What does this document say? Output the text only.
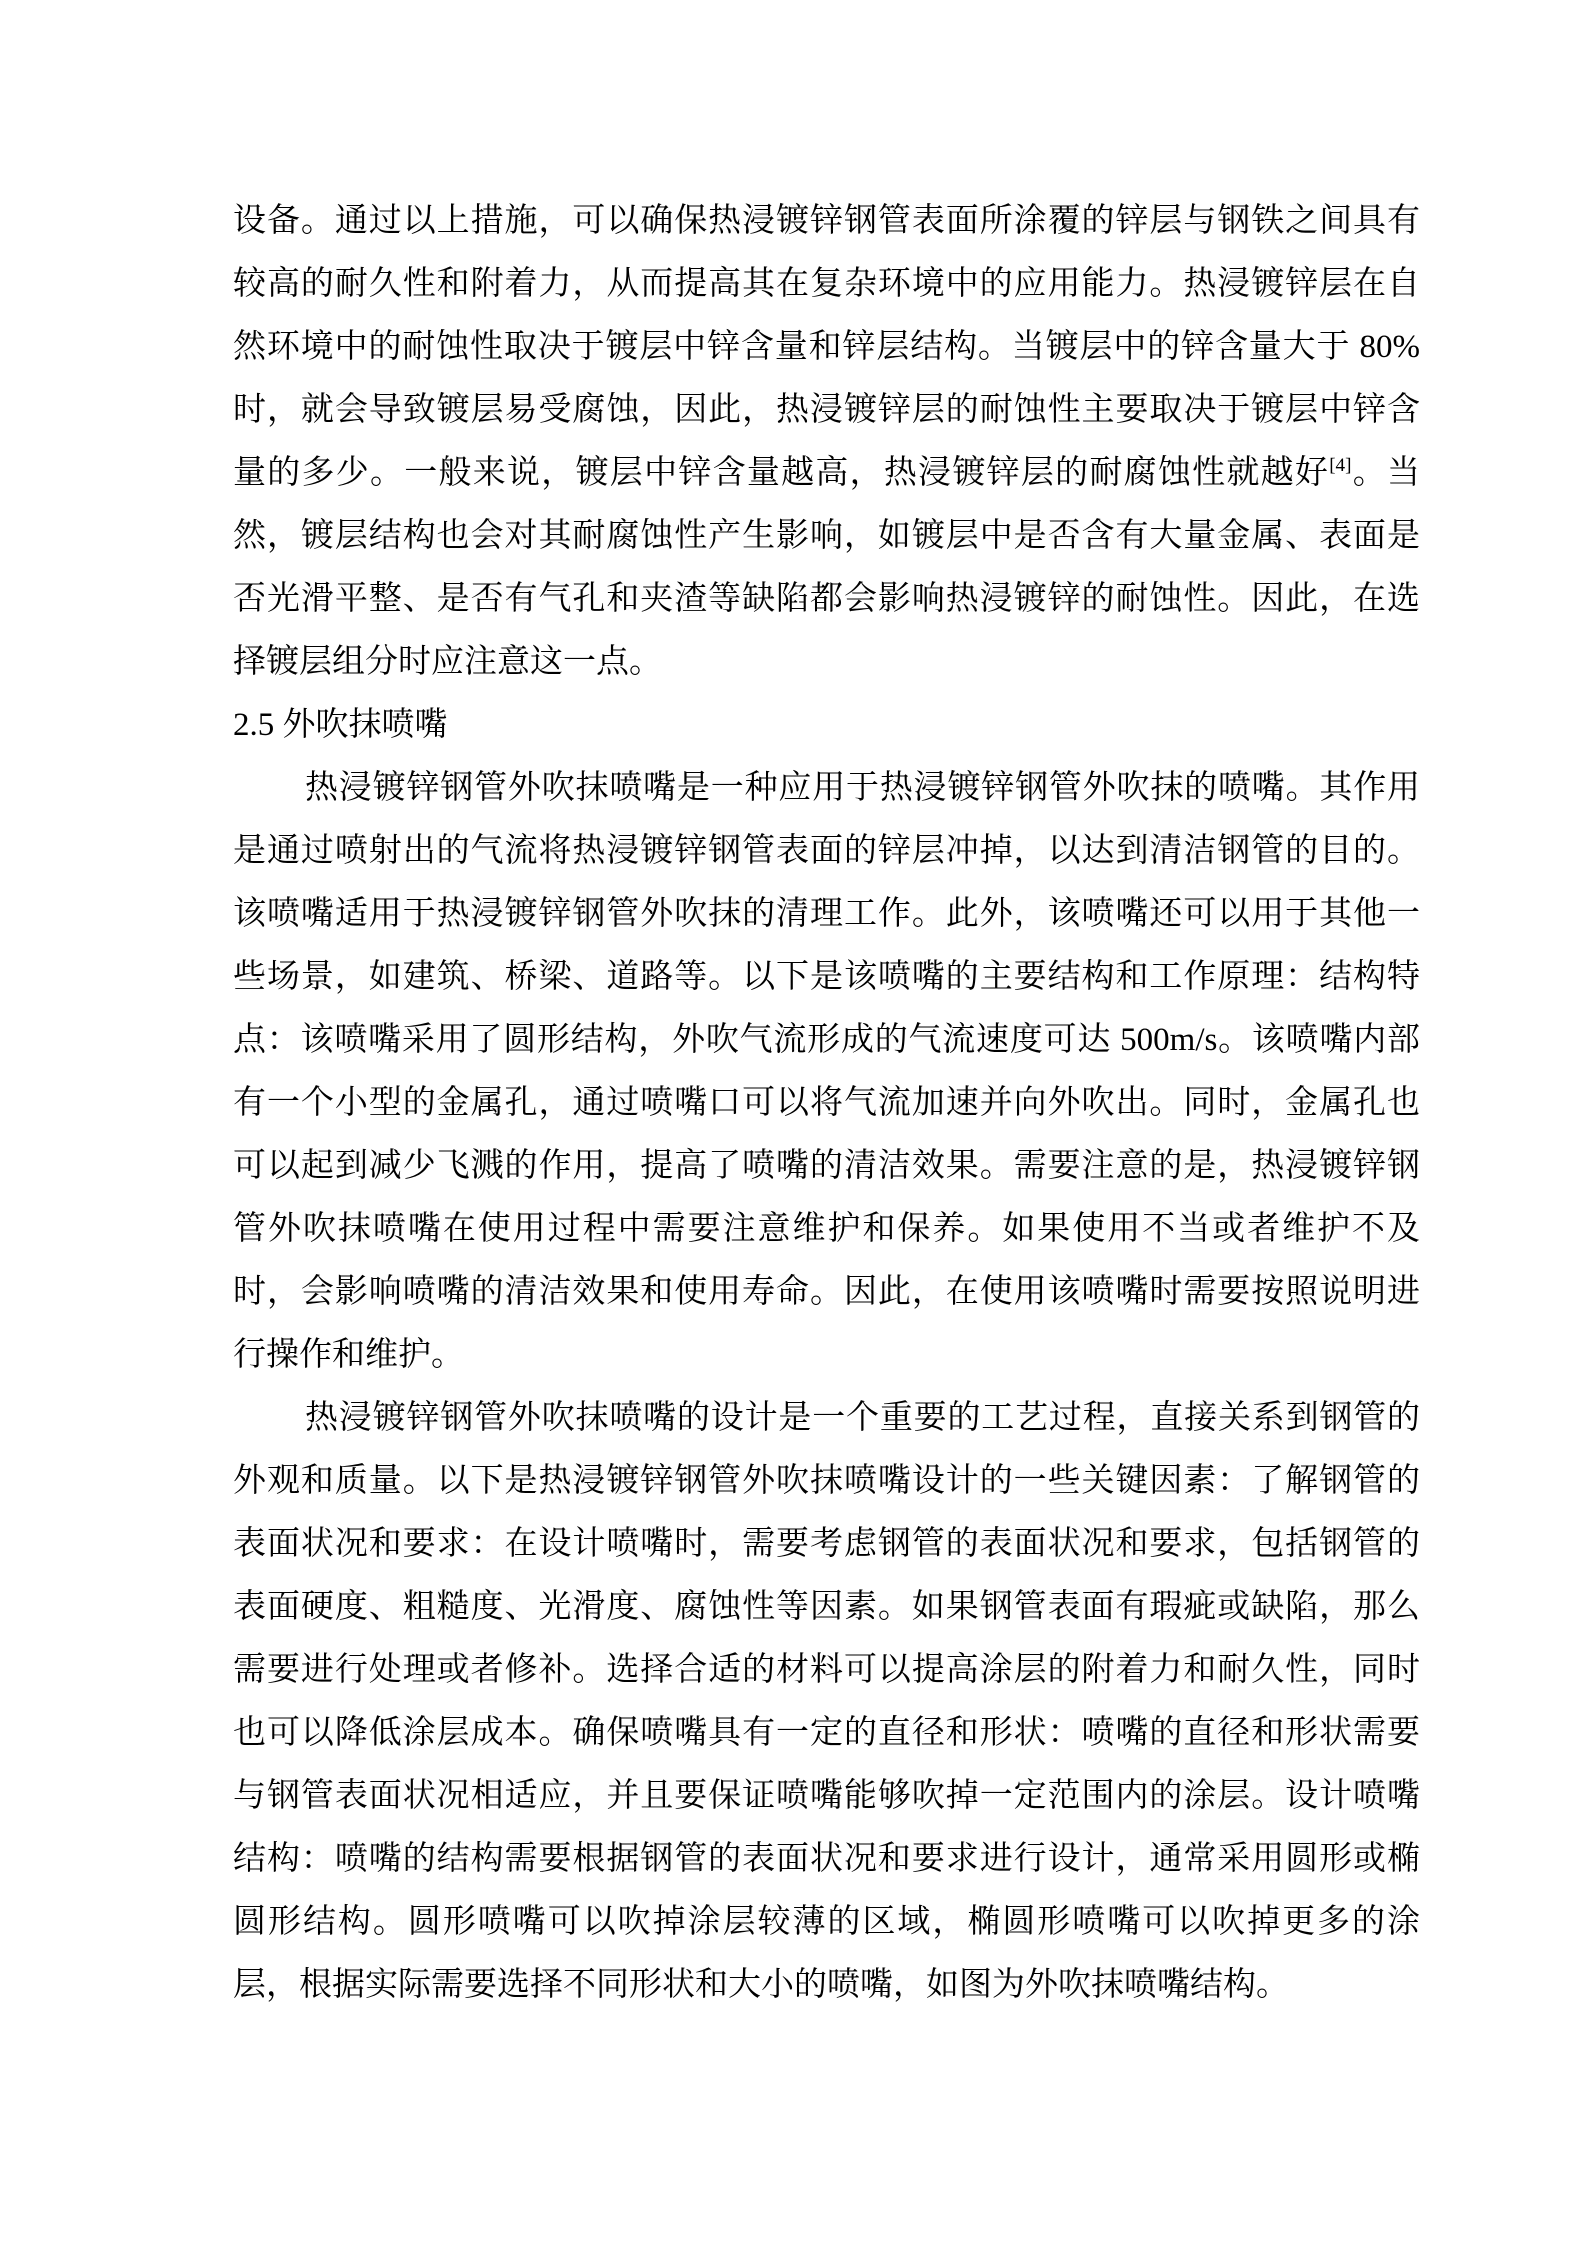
设备。通过以上措施，可以确保热浸镀锌钢管表面所涂覆的锌层与钢铁之间具有较高的耐久性和附着力，从而提高其在复杂环境中的应用能力。热浸镀锌层在自然环境中的耐蚀性取决于镀层中锌含量和锌层结构。当镀层中的锌含量大于 80%时，就会导致镀层易受腐蚀，因此，热浸镀锌层的耐蚀性主要取决于镀层中锌含量的多少。一般来说，镀层中锌含量越高，热浸镀锌层的耐腐蚀性就越好[4]。当然，镀层结构也会对其耐腐蚀性产生影响，如镀层中是否含有大量金属、表面是否光滑平整、是否有气孔和夹渣等缺陷都会影响热浸镀锌的耐蚀性。因此，在选择镀层组分时应注意这一点。

2.5 外吹抹喷嘴

热浸镀锌钢管外吹抹喷嘴是一种应用于热浸镀锌钢管外吹抹的喷嘴。其作用是通过喷射出的气流将热浸镀锌钢管表面的锌层冲掉，以达到清洁钢管的目的。该喷嘴适用于热浸镀锌钢管外吹抹的清理工作。此外，该喷嘴还可以用于其他一些场景，如建筑、桥梁、道路等。以下是该喷嘴的主要结构和工作原理：结构特点：该喷嘴采用了圆形结构，外吹气流形成的气流速度可达 500m/s。该喷嘴内部有一个小型的金属孔，通过喷嘴口可以将气流加速并向外吹出。同时，金属孔也可以起到减少飞溅的作用，提高了喷嘴的清洁效果。需要注意的是，热浸镀锌钢管外吹抹喷嘴在使用过程中需要注意维护和保养。如果使用不当或者维护不及时，会影响喷嘴的清洁效果和使用寿命。因此，在使用该喷嘴时需要按照说明进行操作和维护。

热浸镀锌钢管外吹抹喷嘴的设计是一个重要的工艺过程，直接关系到钢管的外观和质量。以下是热浸镀锌钢管外吹抹喷嘴设计的一些关键因素：了解钢管的表面状况和要求：在设计喷嘴时，需要考虑钢管的表面状况和要求，包括钢管的表面硬度、粗糙度、光滑度、腐蚀性等因素。如果钢管表面有瑕疵或缺陷，那么需要进行处理或者修补。选择合适的材料可以提高涂层的附着力和耐久性，同时也可以降低涂层成本。确保喷嘴具有一定的直径和形状：喷嘴的直径和形状需要与钢管表面状况相适应，并且要保证喷嘴能够吹掉一定范围内的涂层。设计喷嘴结构：喷嘴的结构需要根据钢管的表面状况和要求进行设计，通常采用圆形或椭圆形结构。圆形喷嘴可以吹掉涂层较薄的区域，椭圆形喷嘴可以吹掉更多的涂层，根据实际需要选择不同形状和大小的喷嘴，如图为外吹抹喷嘴结构。
